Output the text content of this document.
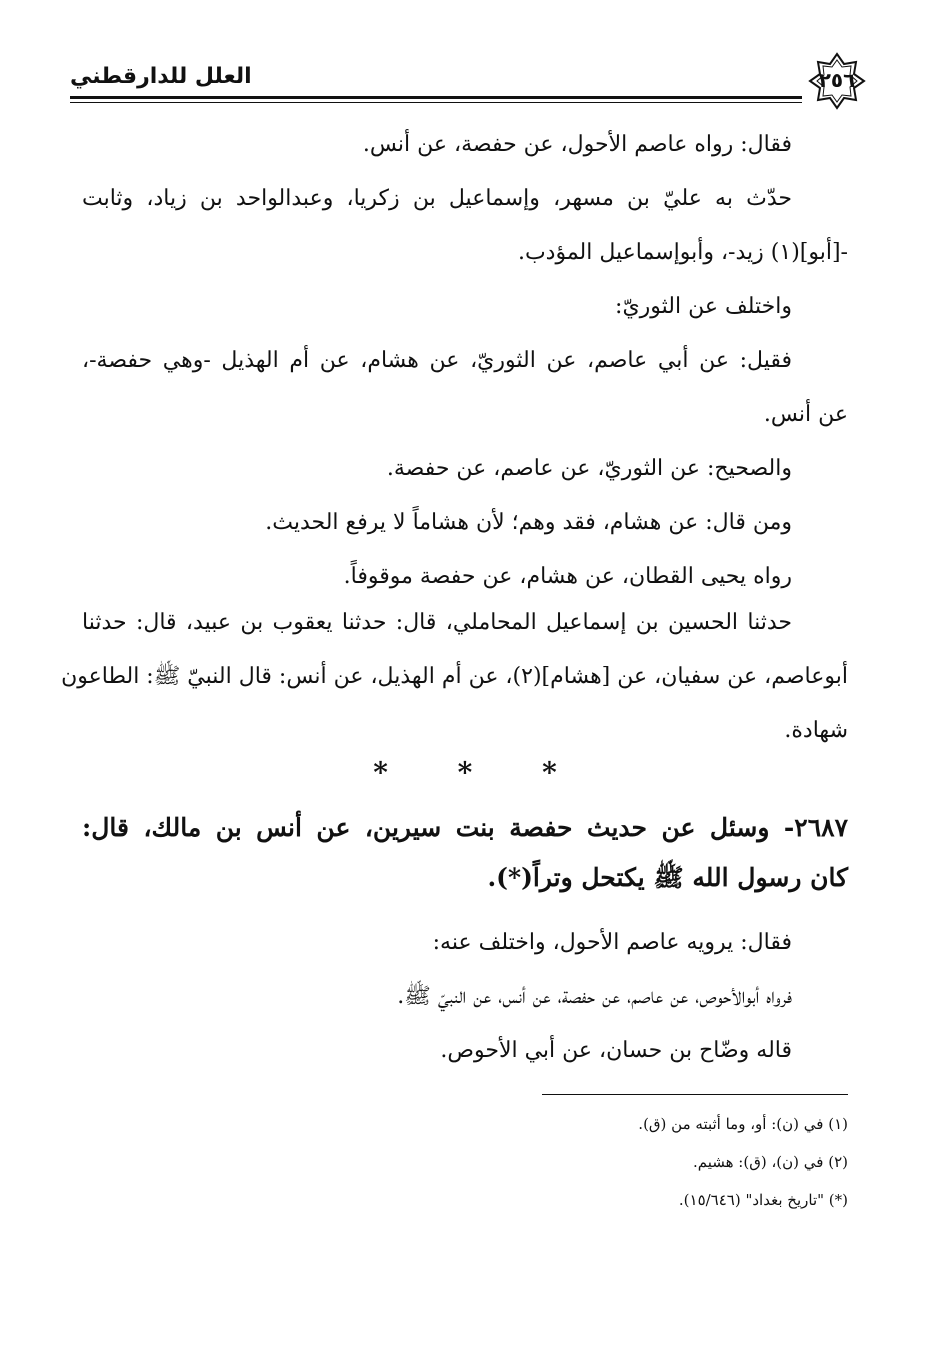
العلل للدارقطني	٢٥٦
فقال: رواه عاصم الأحول، عن حفصة، عن أنس.
حدّث به عليّ بن مسهر، وإسماعيل بن زكريا، وعبدالواحد بن زياد، وثابت
-[أبو](١) زيد-، وأبوإسماعيل المؤدب.
واختلف عن الثوريّ:
فقيل: عن أبي عاصم، عن الثوريّ، عن هشام، عن أم الهذيل -وهي حفصة-،
عن أنس.
والصحيح: عن الثوريّ، عن عاصم، عن حفصة.
ومن قال: عن هشام، فقد وهم؛ لأن هشاماً لا يرفع الحديث.
رواه يحيى القطان، عن هشام، عن حفصة موقوفاً.
حدثنا الحسين بن إسماعيل المحاملي، قال: حدثنا يعقوب بن عبيد، قال: حدثنا
أبوعاصم، عن سفيان، عن [هشام](٢)، عن أم الهذيل، عن أنس: قال النبيّ ﷺ: الطاعون
شهادة.
* * *
٢٦٨٧- وسئل عن حديث حفصة بنت سيرين، عن أنس بن مالك، قال:
كان رسول الله ﷺ يكتحل وتراً(*).
فقال: يرويه عاصم الأحول، واختلف عنه:
فرواه أبوالأحوص، عن عاصم، عن حفصة، عن أنس، عن النبيّ ﷺ.
قاله وضّاح بن حسان، عن أبي الأحوص.
(١) في (ن): أو، وما أثبته من (ق).
(٢) في (ن)، (ق): هشيم.
(*) "تاريخ بغداد" (١٥/٦٤٦).
